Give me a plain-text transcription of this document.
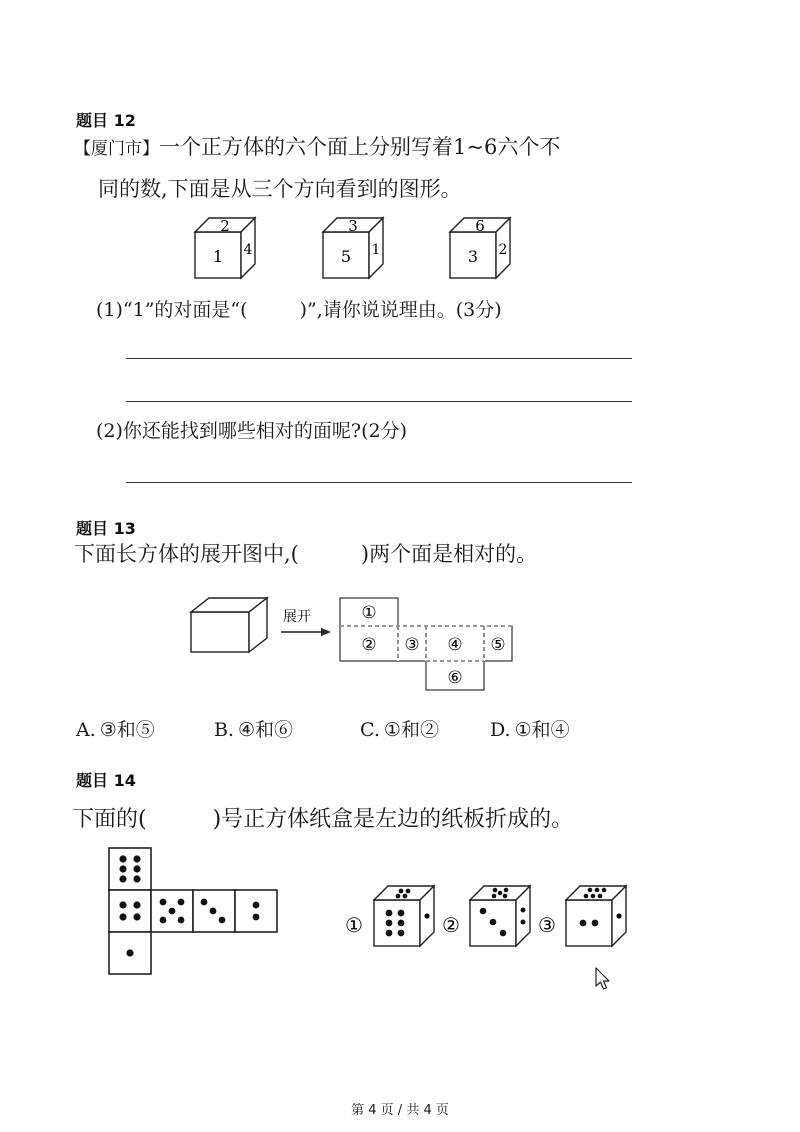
题目 12
【厦门市】一个正方体的六个面上分别写着1~6六个不
同的数,下面是从三个方向看到的图形。
2
1 4
3
5 1
6
3 2
(1)“1”的对面是“(	)”,请你说说理由。(3分)
(2)你还能找到哪些相对的面呢?(2分)
题目 13
下面长方体的展开图中,(	)两个面是相对的。
展开	①
② ③ ④ ⑤
⑥
A. ③和⑤	B. ④和⑥	C. ①和②	D. ①和④
题目 14
下面的(	)号正方体纸盒是左边的纸板折成的。
①	②	③
第 4 页 / 共 4 页
